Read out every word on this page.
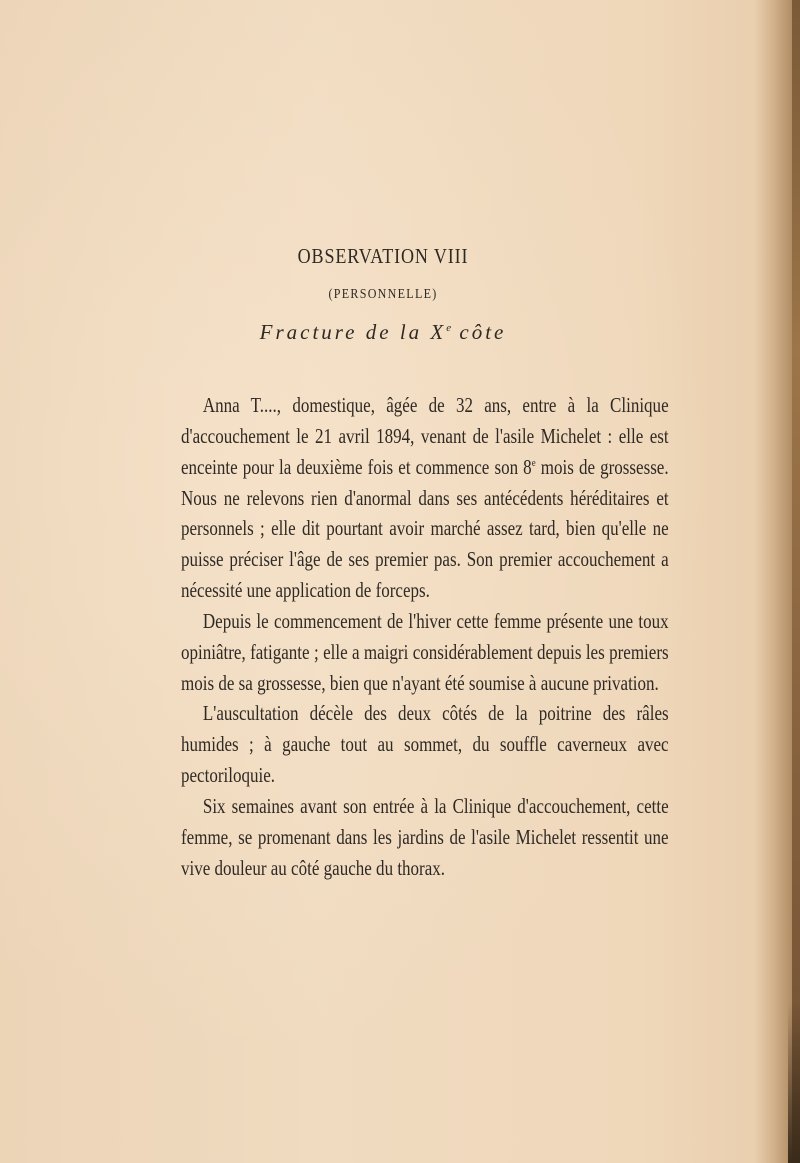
OBSERVATION VIII
(PERSONNELLE)
Fracture de la Xe côte

Anna T...., domestique, âgée de 32 ans, entre à la Clinique d'accouchement le 21 avril 1894, venant de l'asile Michelet : elle est enceinte pour la deuxième fois et commence son 8e mois de grossesse. Nous ne relevons rien d'anormal dans ses antécédents héréditaires et personnels ; elle dit pourtant avoir marché assez tard, bien qu'elle ne puisse préciser l'âge de ses premier pas. Son premier accouchement a nécessité une application de forceps.

Depuis le commencement de l'hiver cette femme présente une toux opiniâtre, fatigante ; elle a maigri considérablement depuis les premiers mois de sa grossesse, bien que n'ayant été soumise à aucune privation.

L'auscultation décèle des deux côtés de la poitrine des râles humides ; à gauche tout au sommet, du souffle caverneux avec pectoriloquie.

Six semaines avant son entrée à la Clinique d'accouchement, cette femme, se promenant dans les jardins de l'asile Michelet ressentit une vive douleur au côté gauche du thorax.
